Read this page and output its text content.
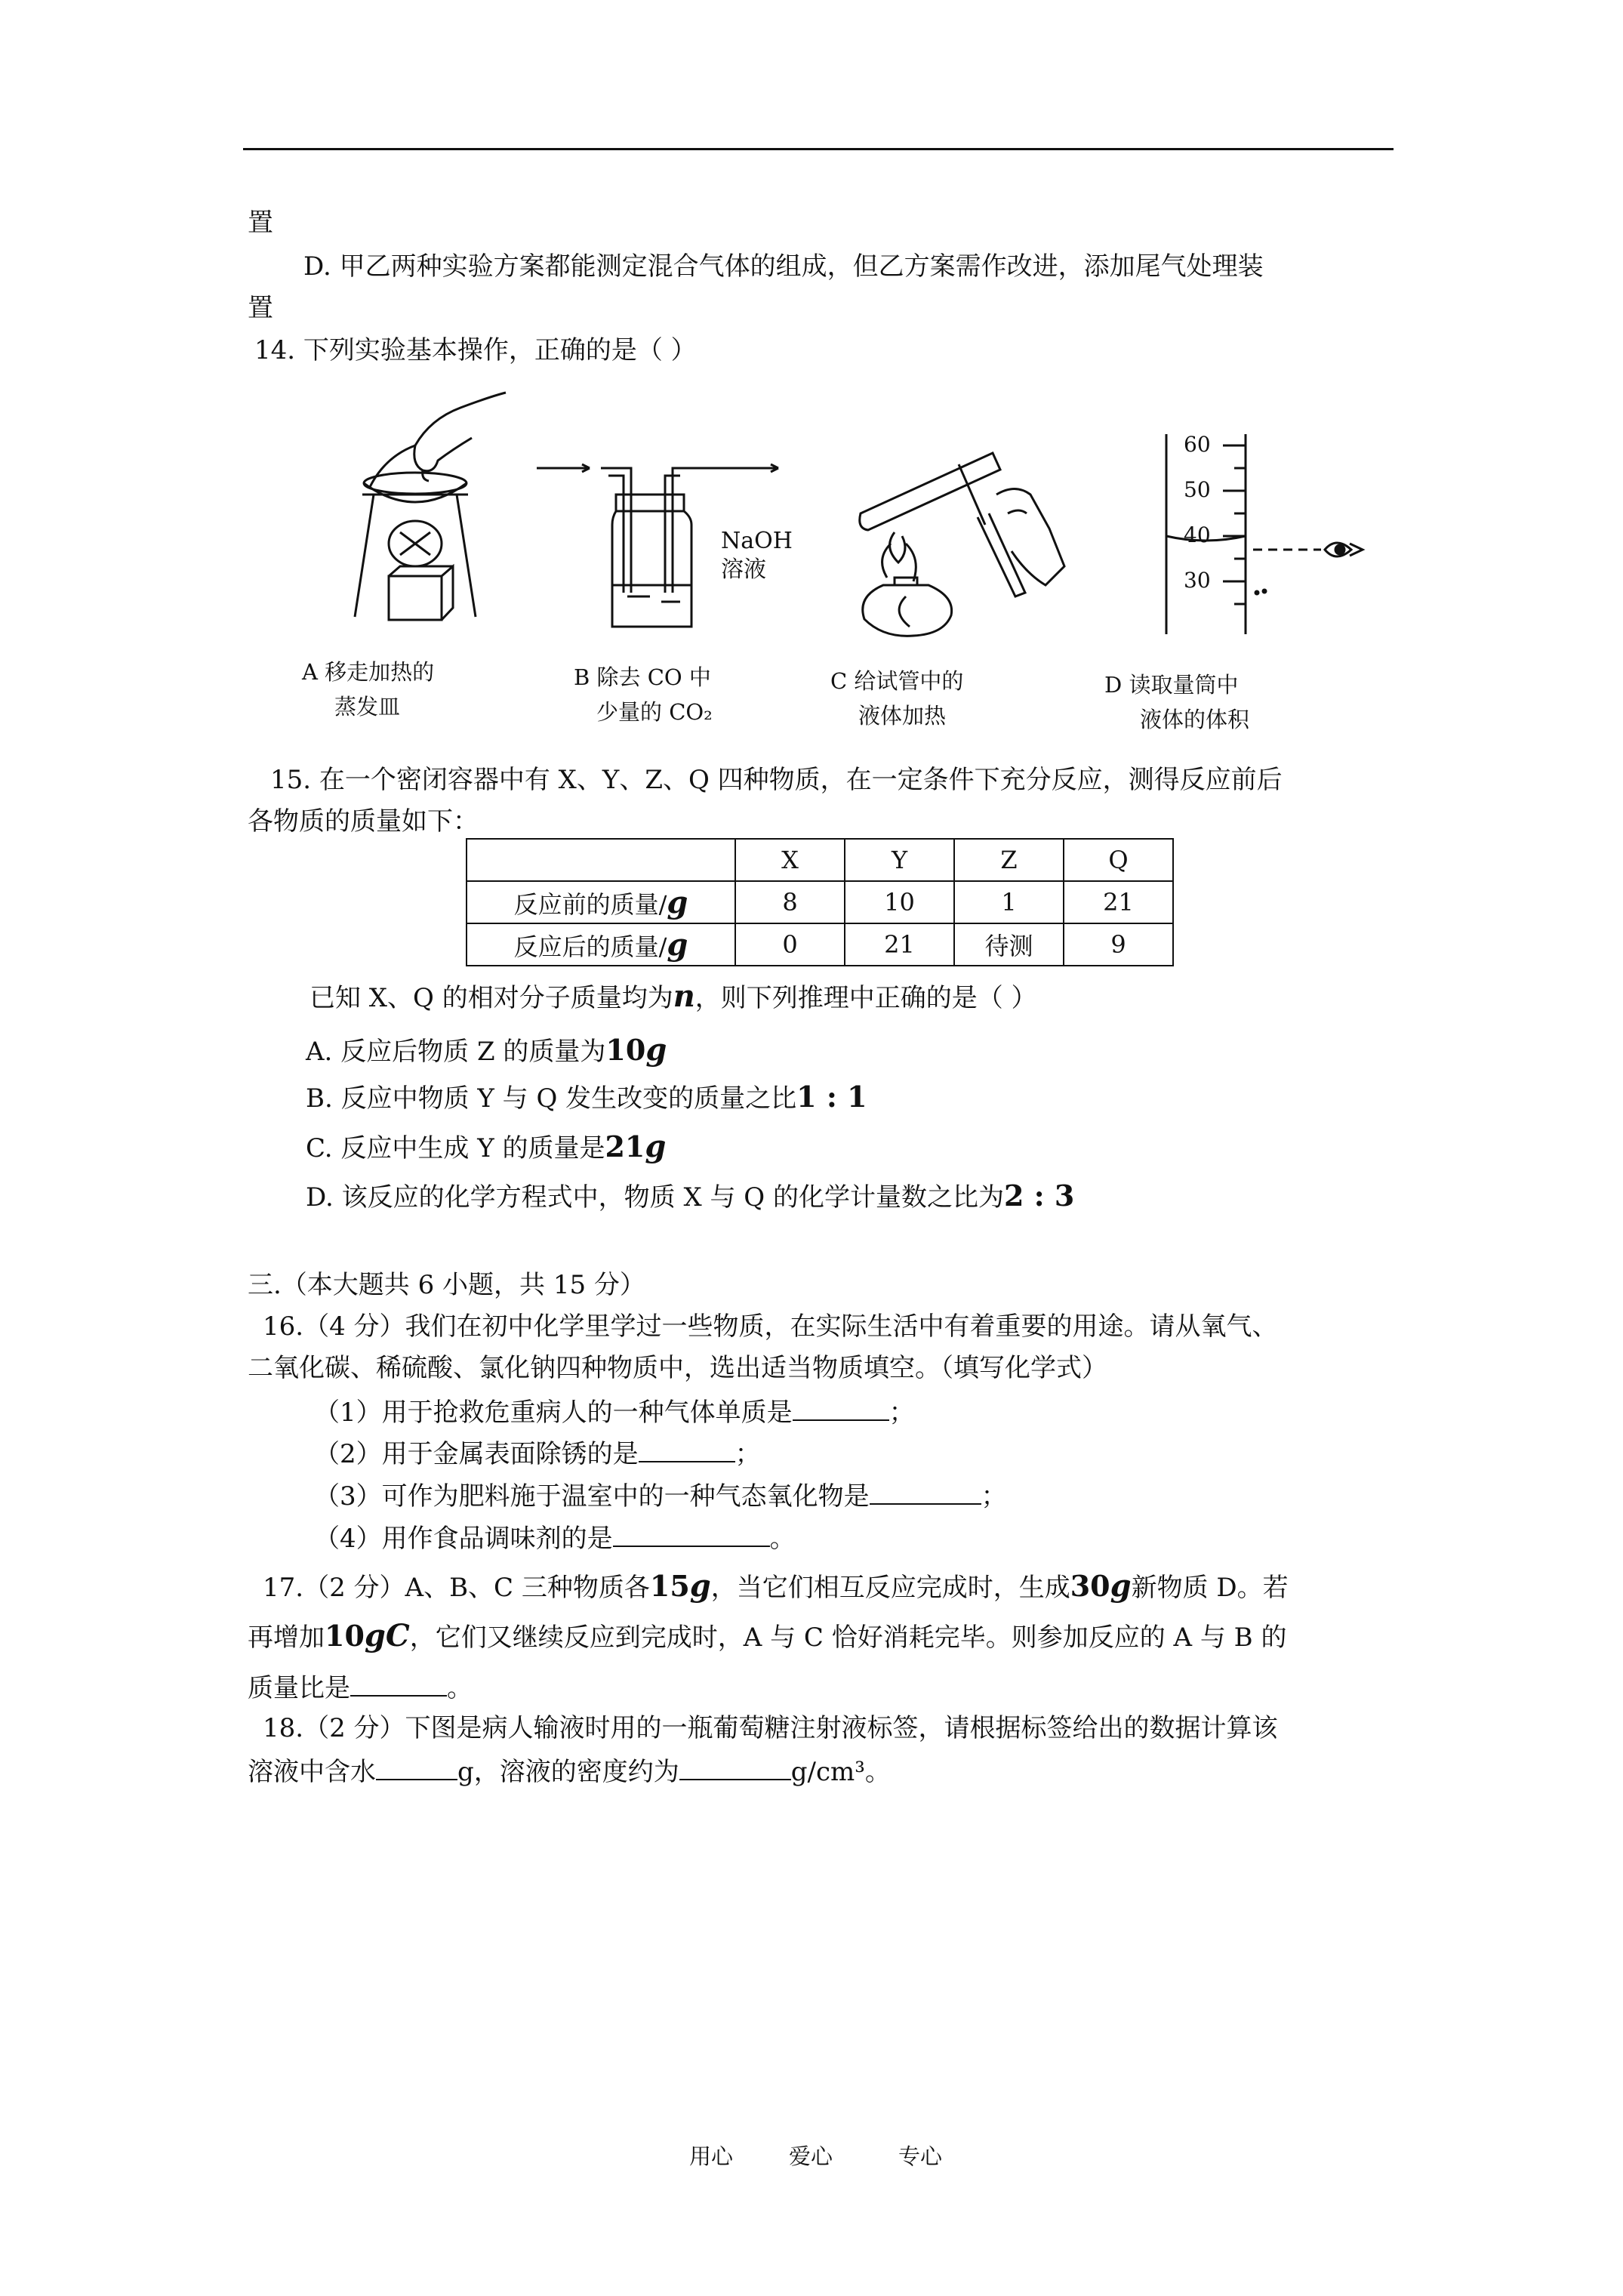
置
D. 甲乙两种实验方案都能测定混合气体的组成，但乙方案需作改进，添加尾气处理装
置
14. 下列实验基本操作，正确的是（ ）
A 移走加热的
蒸发皿
NaOH
溶液
B 除去 CO 中
少量的 CO₂
C 给试管中的
液体加热
60
50
40
30
D 读取量筒中
液体的体积
15. 在一个密闭容器中有 X、Y、Z、Q 四种物质，在一定条件下充分反应，测得反应前后
各物质的质量如下：
	X	Y	Z	Q
反应前的质量/g	8	10	1	21
反应后的质量/g	0	21	待测	9
已知 X、Q 的相对分子质量均为n，则下列推理中正确的是（ ）
A. 反应后物质 Z 的质量为10g
B. 反应中物质 Y 与 Q 发生改变的质量之比1 : 1
C. 反应中生成 Y 的质量是21g
D. 该反应的化学方程式中，物质 X 与 Q 的化学计量数之比为2 : 3
三.（本大题共 6 小题，共 15 分）
16.（4 分）我们在初中化学里学过一些物质，在实际生活中有着重要的用途。请从氧气、
二氧化碳、稀硫酸、氯化钠四种物质中，选出适当物质填空。（填写化学式）
（1）用于抢救危重病人的一种气体单质是	；
（2）用于金属表面除锈的是	；
（3）可作为肥料施于温室中的一种气态氧化物是	；
（4）用作食品调味剂的是	。
17.（2 分）A、B、C 三种物质各15g，当它们相互反应完成时，生成30g新物质 D。若
再增加10gC，它们又继续反应到完成时，A 与 C 恰好消耗完毕。则参加反应的 A 与 B 的
质量比是	。
18.（2 分）下图是病人输液时用的一瓶葡萄糖注射液标签，请根据标签给出的数据计算该
溶液中含水	g，溶液的密度约为	g/cm³。
用心	爱心	专心
